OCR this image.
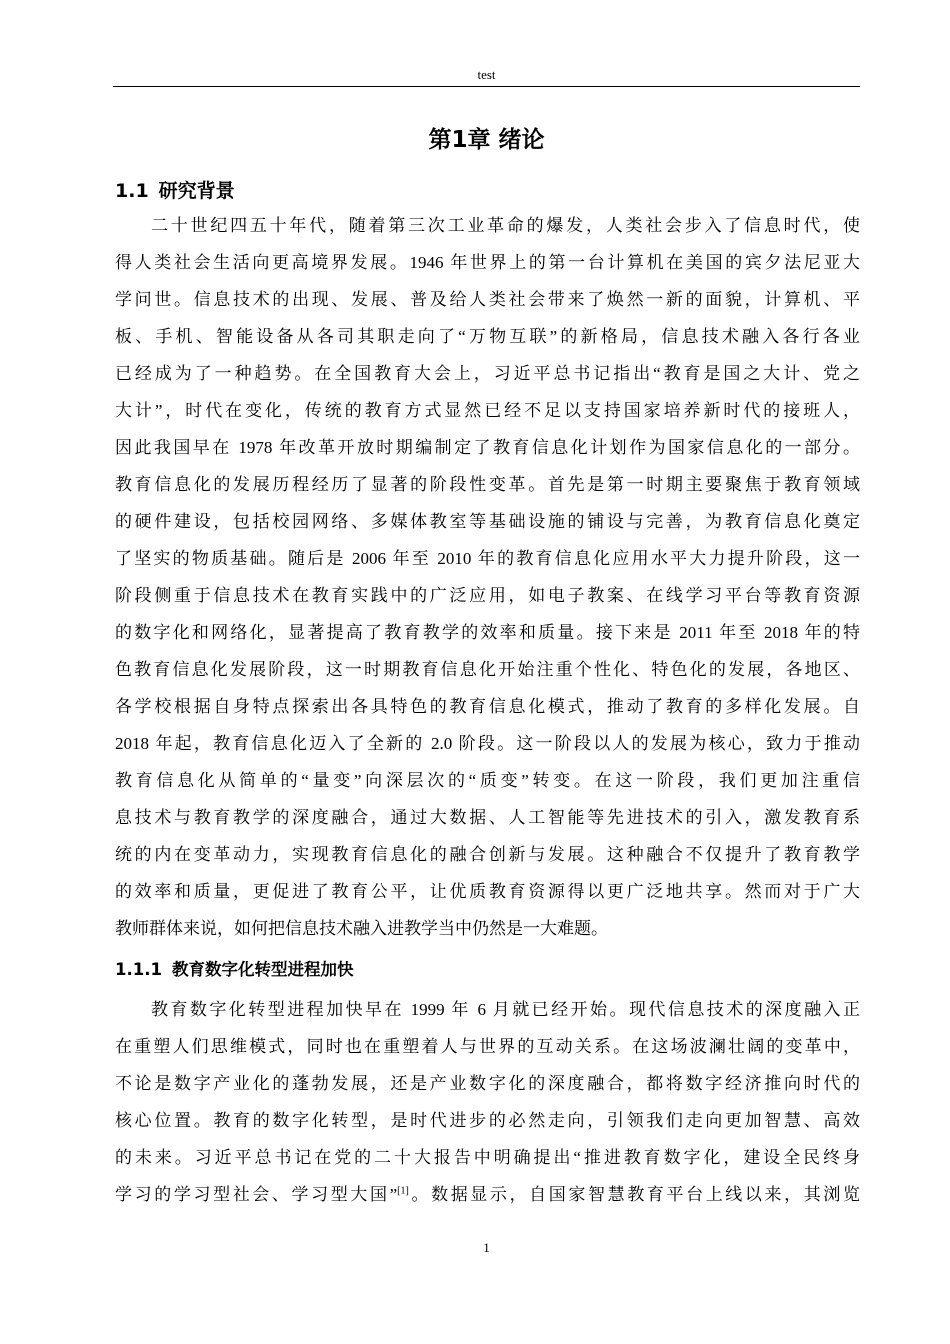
test
第1章 绪论
1.1 研究背景
二十世纪四五十年代，随着第三次工业革命的爆发，人类社会步入了信息时代，使
得人类社会生活向更高境界发展。1946 年世界上的第一台计算机在美国的宾夕法尼亚大
学问世。信息技术的出现、发展、普及给人类社会带来了焕然一新的面貌，计算机、平
板、手机、智能设备从各司其职走向了“万物互联”的新格局，信息技术融入各行各业
已经成为了一种趋势。在全国教育大会上，习近平总书记指出“教育是国之大计、党之
大计”，时代在变化，传统的教育方式显然已经不足以支持国家培养新时代的接班人，
因此我国早在 1978 年改革开放时期编制定了教育信息化计划作为国家信息化的一部分。
教育信息化的发展历程经历了显著的阶段性变革。首先是第一时期主要聚焦于教育领域
的硬件建设，包括校园网络、多媒体教室等基础设施的铺设与完善，为教育信息化奠定
了坚实的物质基础。随后是 2006 年至 2010 年的教育信息化应用水平大力提升阶段，这一
阶段侧重于信息技术在教育实践中的广泛应用，如电子教案、在线学习平台等教育资源
的数字化和网络化，显著提高了教育教学的效率和质量。接下来是 2011 年至 2018 年的特
色教育信息化发展阶段，这一时期教育信息化开始注重个性化、特色化的发展，各地区、
各学校根据自身特点探索出各具特色的教育信息化模式，推动了教育的多样化发展。自
2018 年起，教育信息化迈入了全新的 2.0 阶段。这一阶段以人的发展为核心，致力于推动
教育信息化从简单的“量变”向深层次的“质变”转变。在这一阶段，我们更加注重信
息技术与教育教学的深度融合，通过大数据、人工智能等先进技术的引入，激发教育系
统的内在变革动力，实现教育信息化的融合创新与发展。这种融合不仅提升了教育教学
的效率和质量，更促进了教育公平，让优质教育资源得以更广泛地共享。然而对于广大
教师群体来说，如何把信息技术融入进教学当中仍然是一大难题。
1.1.1 教育数字化转型进程加快
教育数字化转型进程加快早在 1999 年 6 月就已经开始。现代信息技术的深度融入正
在重塑人们思维模式，同时也在重塑着人与世界的互动关系。在这场波澜壮阔的变革中，
不论是数字产业化的蓬勃发展，还是产业数字化的深度融合，都将数字经济推向时代的
核心位置。教育的数字化转型，是时代进步的必然走向，引领我们走向更加智慧、高效
的未来。习近平总书记在党的二十大报告中明确提出“推进教育数字化，建设全民终身
学习的学习型社会、学习型大国”[1]。数据显示，自国家智慧教育平台上线以来，其浏览
1
